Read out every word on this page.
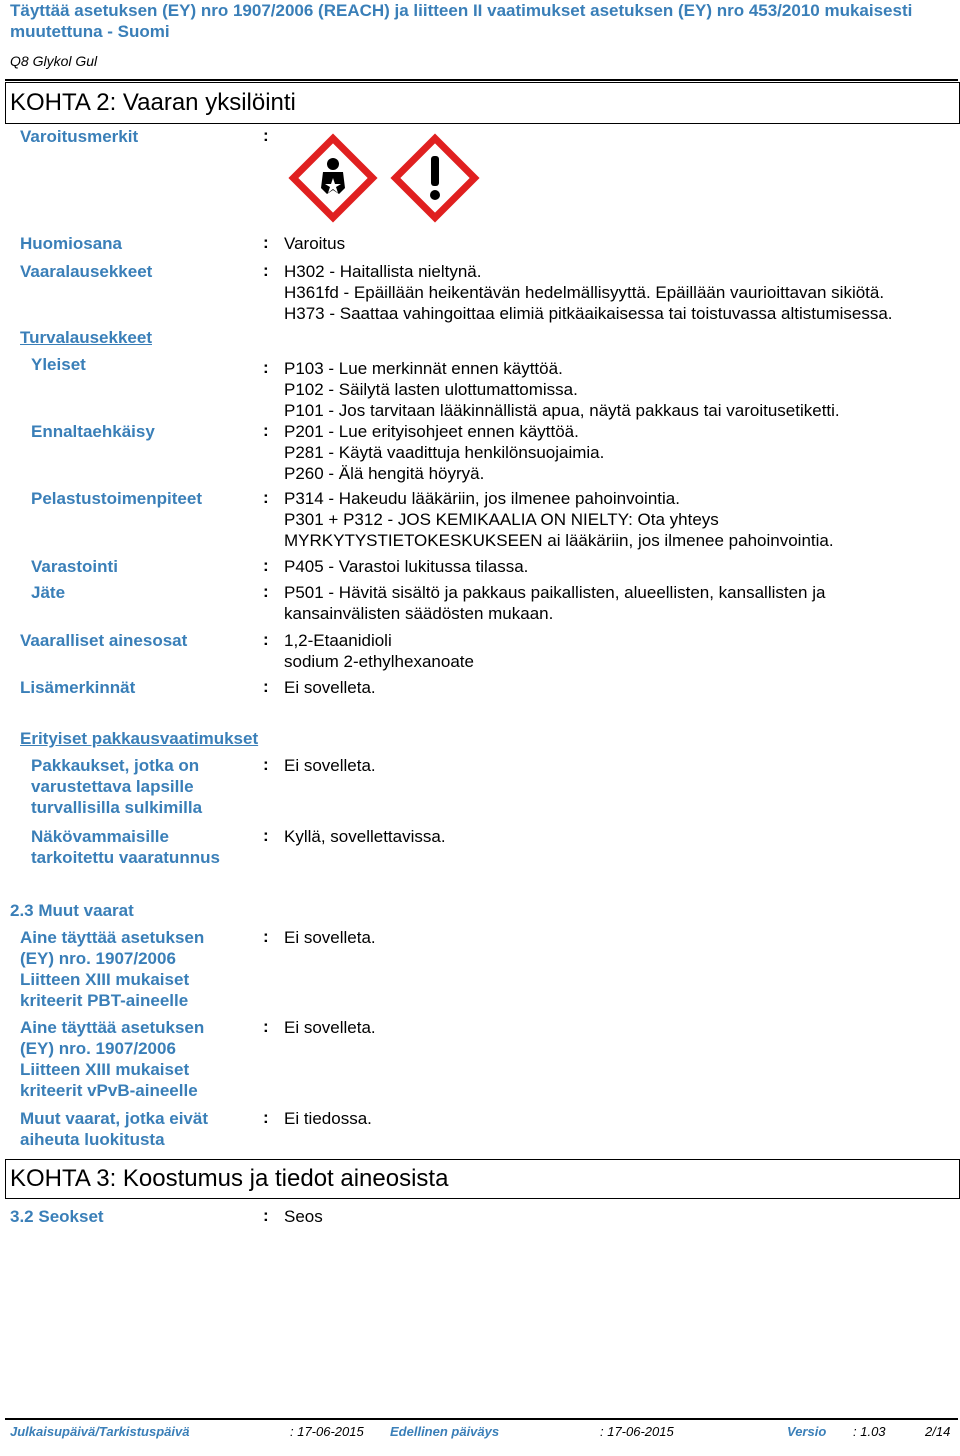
Täyttää asetuksen (EY) nro 1907/2006 (REACH) ja liitteen II vaatimukset asetuksen (EY) nro 453/2010 mukaisesti muutettuna - Suomi
Q8 Glykol Gul
KOHTA 2: Vaaran yksilöinti
Varoitusmerkit	:
Huomiosana	: Varoitus
Vaaralausekkeet	: H302 - Haitallista nieltynä.
H361fd - Epäillään heikentävän hedelmällisyyttä. Epäillään vaurioittavan sikiötä.
H373 - Saattaa vahingoittaa elimiä pitkäaikaisessa tai toistuvassa altistumisessa.
Turvalausekkeet
Yleiset	: P103 - Lue merkinnät ennen käyttöä.
P102 - Säilytä lasten ulottumattomissa.
P101 - Jos tarvitaan lääkinnällistä apua, näytä pakkaus tai varoitusetiketti.
Ennaltaehkäisy	: P201 - Lue erityisohjeet ennen käyttöä.
P281 - Käytä vaadittuja henkilönsuojaimia.
P260 - Älä hengitä höyryä.
Pelastustoimenpiteet	: P314 - Hakeudu lääkäriin, jos ilmenee pahoinvointia.
P301 + P312 - JOS KEMIKAALIA ON NIELTY: Ota yhteys
MYRKYTYSTIETOKESKUKSEEN ai lääkäriin, jos ilmenee pahoinvointia.
Varastointi	: P405 - Varastoi lukitussa tilassa.
Jäte	: P501 - Hävitä sisältö ja pakkaus paikallisten, alueellisten, kansallisten ja
kansainvälisten säädösten mukaan.
Vaaralliset ainesosat	: 1,2-Etaanidioli
sodium 2-ethylhexanoate
Lisämerkinnät	: Ei sovelleta.
Erityiset pakkausvaatimukset
Pakkaukset, jotka on
varustettava lapsille
turvallisilla sulkimilla
: Ei sovelleta.
Näkövammaisille
tarkoitettu vaaratunnus
: Kyllä, sovellettavissa.
2.3 Muut vaarat
Aine täyttää asetuksen
(EY) nro. 1907/2006
Liitteen XIII mukaiset
kriteerit PBT-aineelle
: Ei sovelleta.
Aine täyttää asetuksen
(EY) nro. 1907/2006
Liitteen XIII mukaiset
kriteerit vPvB-aineelle
: Ei sovelleta.
Muut vaarat, jotka eivät
aiheuta luokitusta
: Ei tiedossa.
KOHTA 3: Koostumus ja tiedot aineosista
3.2 Seokset	: Seos
Julkaisupäivä/Tarkistuspäivä	: 17-06-2015 Edellinen päiväys	: 17-06-2015	Versio : 1.03	2/14
